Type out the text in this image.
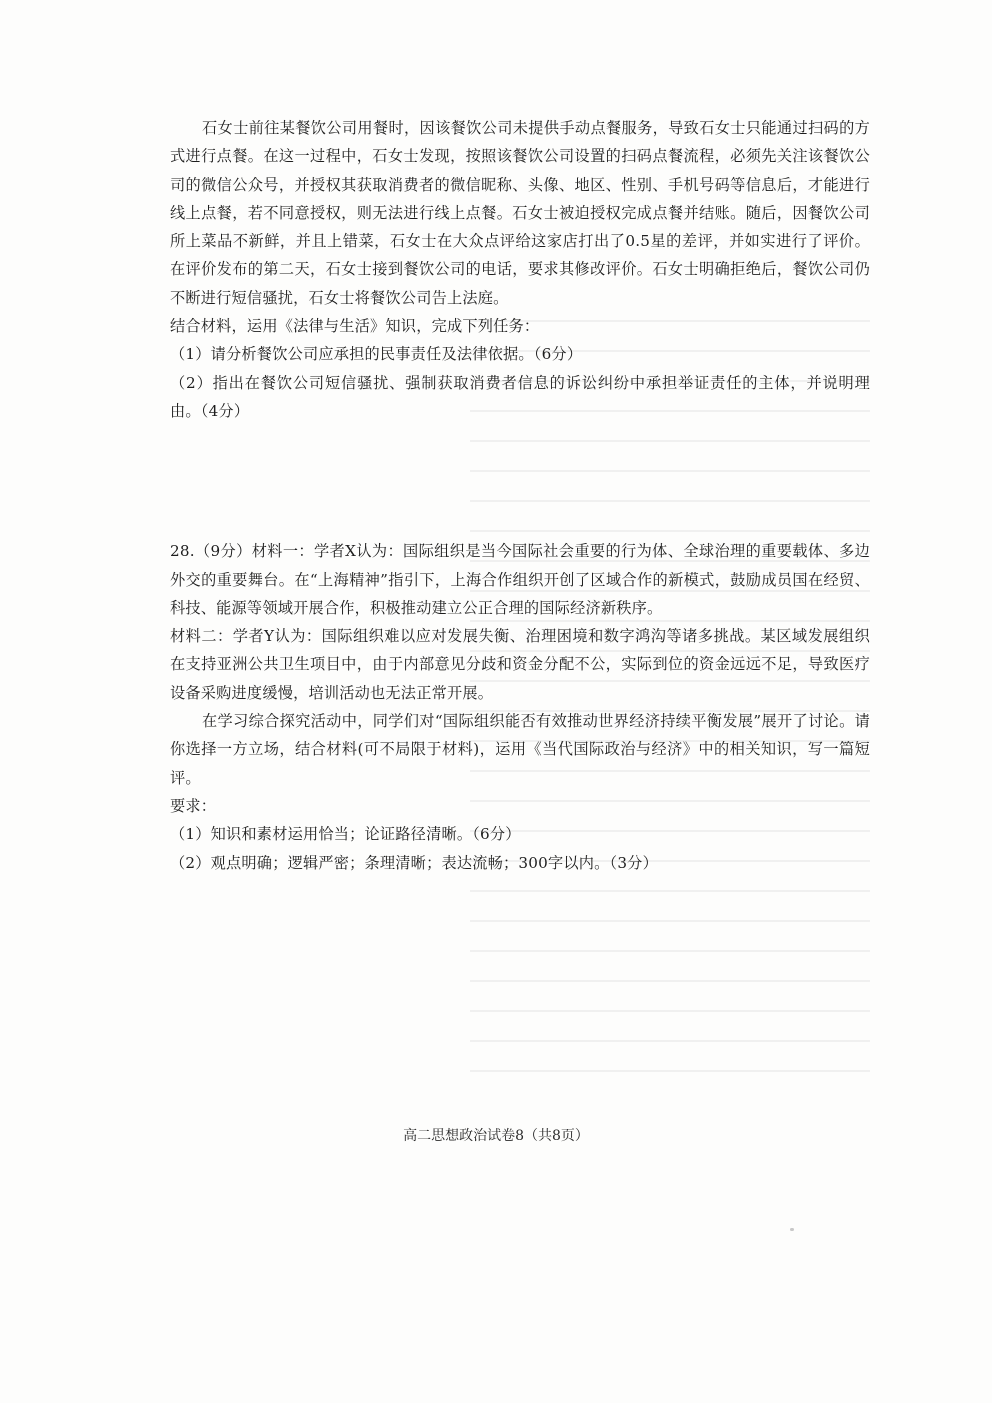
石女士前往某餐饮公司用餐时，因该餐饮公司未提供手动点餐服务，导致石女士只能通过扫码的方式进行点餐。在这一过程中，石女士发现，按照该餐饮公司设置的扫码点餐流程，必须先关注该餐饮公司的微信公众号，并授权其获取消费者的微信昵称、头像、地区、性别、手机号码等信息后，才能进行线上点餐，若不同意授权，则无法进行线上点餐。石女士被迫授权完成点餐并结账。随后，因餐饮公司所上菜品不新鲜，并且上错菜，石女士在大众点评给这家店打出了0.5星的差评，并如实进行了评价。在评价发布的第二天，石女士接到餐饮公司的电话，要求其修改评价。石女士明确拒绝后，餐饮公司仍不断进行短信骚扰，石女士将餐饮公司告上法庭。

结合材料，运用《法律与生活》知识，完成下列任务：

（1）请分析餐饮公司应承担的民事责任及法律依据。（6分）

（2）指出在餐饮公司短信骚扰、强制获取消费者信息的诉讼纠纷中承担举证责任的主体，并说明理由。（4分）

28.（9分）材料一：学者X认为：国际组织是当今国际社会重要的行为体、全球治理的重要载体、多边外交的重要舞台。在“上海精神”指引下，上海合作组织开创了区域合作的新模式，鼓励成员国在经贸、科技、能源等领域开展合作，积极推动建立公正合理的国际经济新秩序。

材料二：学者Y认为：国际组织难以应对发展失衡、治理困境和数字鸿沟等诸多挑战。某区域发展组织在支持亚洲公共卫生项目中，由于内部意见分歧和资金分配不公，实际到位的资金远远不足，导致医疗设备采购进度缓慢，培训活动也无法正常开展。

在学习综合探究活动中，同学们对“国际组织能否有效推动世界经济持续平衡发展”展开了讨论。请你选择一方立场，结合材料(可不局限于材料)，运用《当代国际政治与经济》中的相关知识，写一篇短评。

要求：

（1）知识和素材运用恰当；论证路径清晰。（6分）

（2）观点明确；逻辑严密；条理清晰；表达流畅；300字以内。（3分）

高二思想政治试卷8（共8页）
